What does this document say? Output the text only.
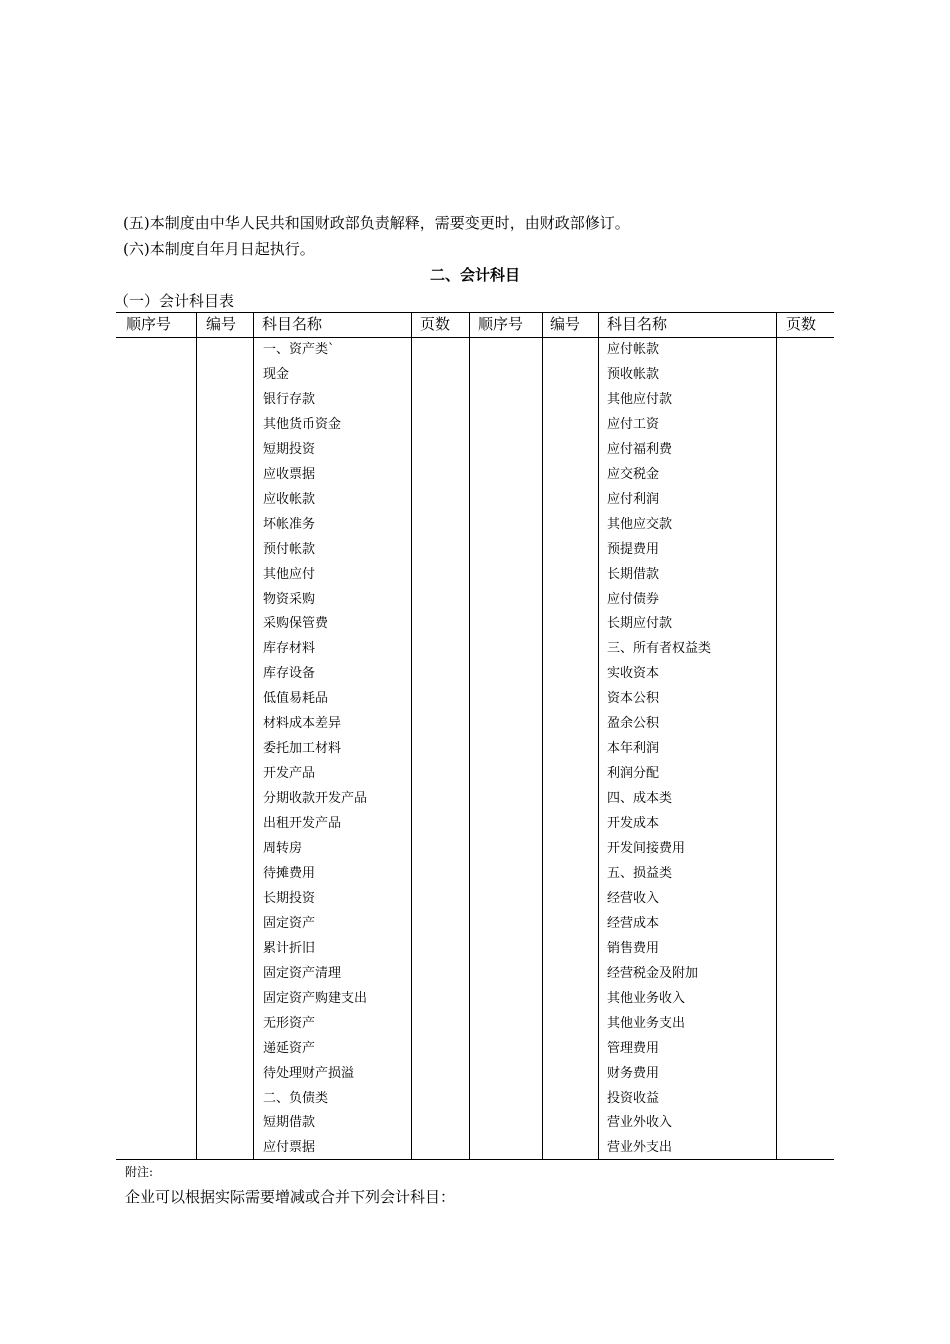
(五)本制度由中华人民共和国财政部负责解释，需要变更时，由财政部修订。
(六)本制度自年月日起执行。
二、会计科目
（一）会计科目表
顺序号 编号 科目名称	页数 顺序号 编号 科目名称	页数
一、资产类`
现金
银行存款
其他货币资金
短期投资
应收票据
应收帐款
坏帐准务
预付帐款
其他应付
物资采购
采购保管费
库存材料
库存设备
低值易耗品
材料成本差异
委托加工材料
开发产品
分期收款开发产品
出租开发产品
周转房
待摊费用
长期投资
固定资产
累计折旧
固定资产清理
固定资产购建支出
无形资产
递延资产
待处理财产损溢
二、负债类
短期借款
应付票据
应付帐款
预收帐款
其他应付款
应付工资
应付福利费
应交税金
应付利润
其他应交款
预提费用
长期借款
应付债券
长期应付款
三、所有者权益类
实收资本
资本公积
盈余公积
本年利润
利润分配
四、成本类
开发成本
开发间接费用
五、损益类
经营收入
经营成本
销售费用
经营税金及附加
其他业务收入
其他业务支出
管理费用
财务费用
投资收益
营业外收入
营业外支出
附注:
企业可以根据实际需要增减或合并下列会计科目：
